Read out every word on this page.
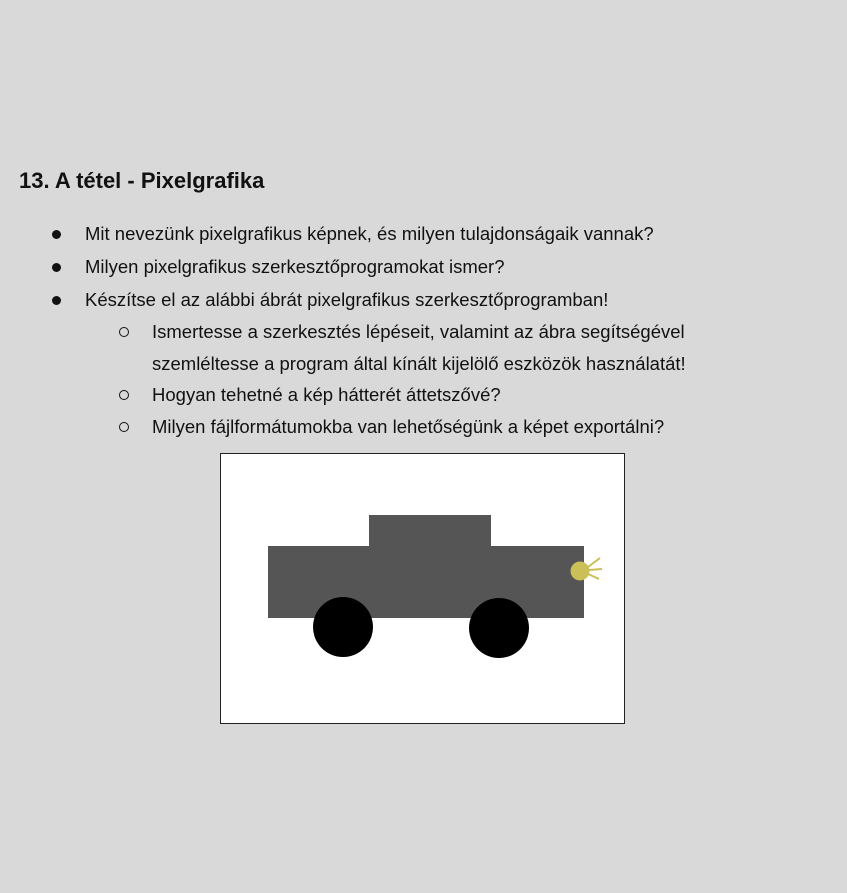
13. A tétel - Pixelgrafika
Mit nevezünk pixelgrafikus képnek, és milyen tulajdonságaik vannak?
Milyen pixelgrafikus szerkesztőprogramokat ismer?
Készítse el az alábbi ábrát pixelgrafikus szerkesztőprogramban!
Ismertesse a szerkesztés lépéseit, valamint az ábra segítségével
szemléltesse a program által kínált kijelölő eszközök használatát!
Hogyan tehetné a kép hátterét áttetszővé?
Milyen fájlformátumokba van lehetőségünk a képet exportálni?
